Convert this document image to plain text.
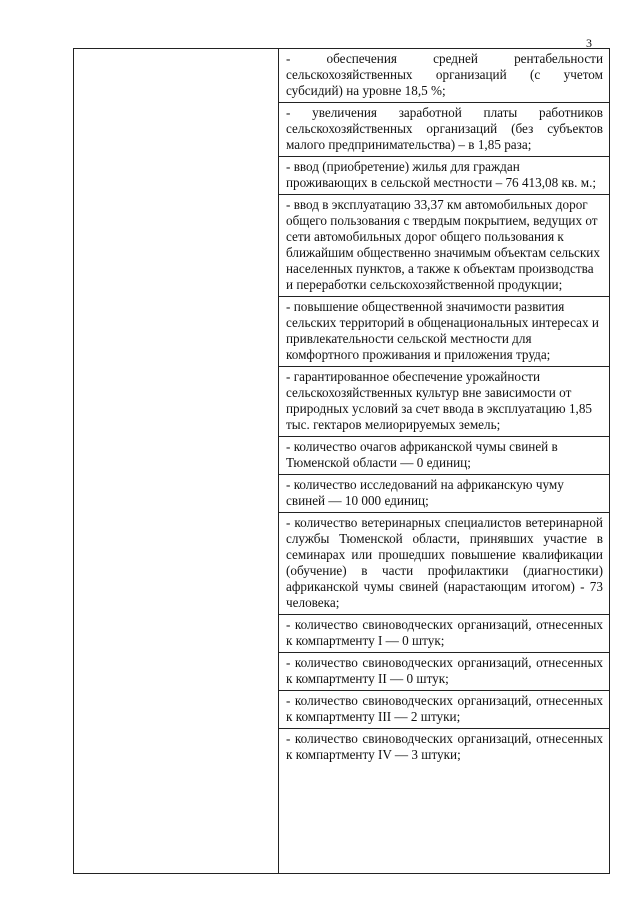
3
- обеспечения средней рентабельности сельскохозяйственных организаций (с учетом субсидий) на уровне 18,5 %;
- увеличения заработной платы работников сельскохозяйственных организаций (без субъектов малого предпринимательства) – в 1,85 раза;
- ввод (приобретение) жилья для граждан проживающих в сельской местности – 76 413,08 кв. м.;
- ввод в эксплуатацию 33,37 км автомобильных дорог общего пользования с твердым покрытием, ведущих от сети автомобильных дорог общего пользования к ближайшим общественно значимым объектам сельских населенных пунктов, а также к объектам производства и переработки сельскохозяйственной продукции;
- повышение общественной значимости развития сельских территорий в общенациональных интересах и привлекательности сельской местности для комфортного проживания и приложения труда;
- гарантированное обеспечение урожайности сельскохозяйственных культур вне зависимости от природных условий за счет ввода в эксплуатацию 1,85 тыс. гектаров мелиорируемых земель;
- количество очагов африканской чумы свиней в Тюменской области — 0 единиц;
- количество исследований на африканскую чуму свиней — 10 000 единиц;
- количество ветеринарных специалистов ветеринарной службы Тюменской области, принявших участие в семинарах или прошедших повышение квалификации (обучение) в части профилактики (диагностики) африканской чумы свиней (нарастающим итогом) - 73 человека;
- количество свиноводческих организаций, отнесенных к компартменту I — 0 штук;
- количество свиноводческих организаций, отнесенных к компартменту II — 0 штук;
- количество свиноводческих организаций, отнесенных к компартменту III — 2 штуки;
- количество свиноводческих организаций, отнесенных к компартменту IV — 3 штуки;
